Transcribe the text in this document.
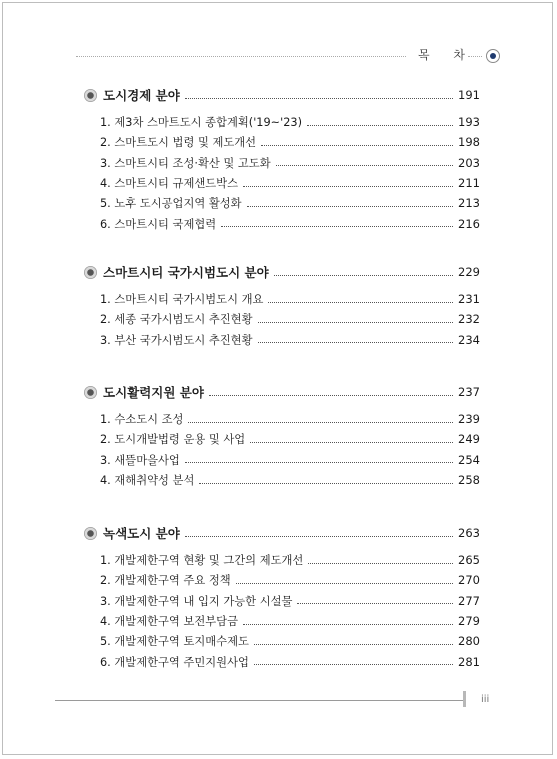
목 차
도시경제 분야	191
1. 제3차 스마트도시 종합계획('19~'23)	193
2. 스마트도시 법령 및 제도개선	198
3. 스마트시티 조성·확산 및 고도화	203
4. 스마트시티 규제샌드박스	211
5. 노후 도시공업지역 활성화	213
6. 스마트시티 국제협력	216
스마트시티 국가시범도시 분야	229
1. 스마트시티 국가시범도시 개요	231
2. 세종 국가시범도시 추진현황	232
3. 부산 국가시범도시 추진현황	234
도시활력지원 분야	237
1. 수소도시 조성	239
2. 도시개발법령 운용 및 사업	249
3. 새뜰마을사업	254
4. 재해취약성 분석	258
녹색도시 분야	263
1. 개발제한구역 현황 및 그간의 제도개선	265
2. 개발제한구역 주요 정책	270
3. 개발제한구역 내 입지 가능한 시설물	277
4. 개발제한구역 보전부담금	279
5. 개발제한구역 토지매수제도	280
6. 개발제한구역 주민지원사업	281
iii
